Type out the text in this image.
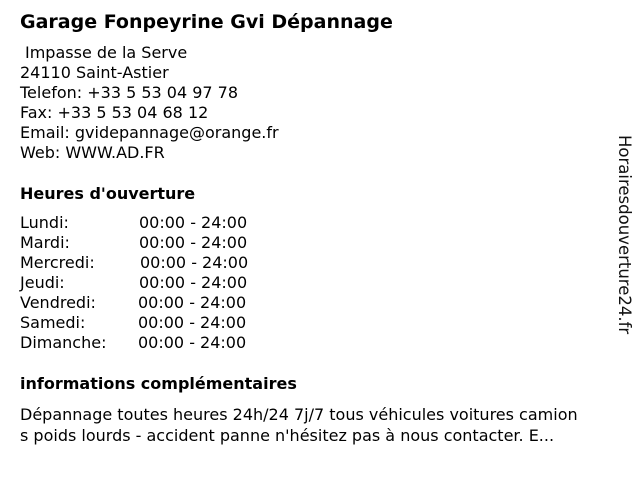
Garage Fonpeyrine Gvi Dépannage
Impasse de la Serve
24110 Saint-Astier
Telefon: +33 5 53 04 97 78
Fax: +33 5 53 04 68 12
Email: gvidepannage@orange.fr
Web: WWW.AD.FR
Heures d'ouverture
Lundi:	00:00 - 24:00
Mardi:	00:00 - 24:00
Mercredi:	00:00 - 24:00
Jeudi:	00:00 - 24:00
Vendredi:	00:00 - 24:00
Samedi:	00:00 - 24:00
Dimanche: 00:00 - 24:00
informations complémentaires
Dépannage toutes heures 24h/24 7j/7 tous véhicules voitures camion
s poids lourds - accident panne n'hésitez pas à nous contacter. E...
Horairesdouverture24.fr
